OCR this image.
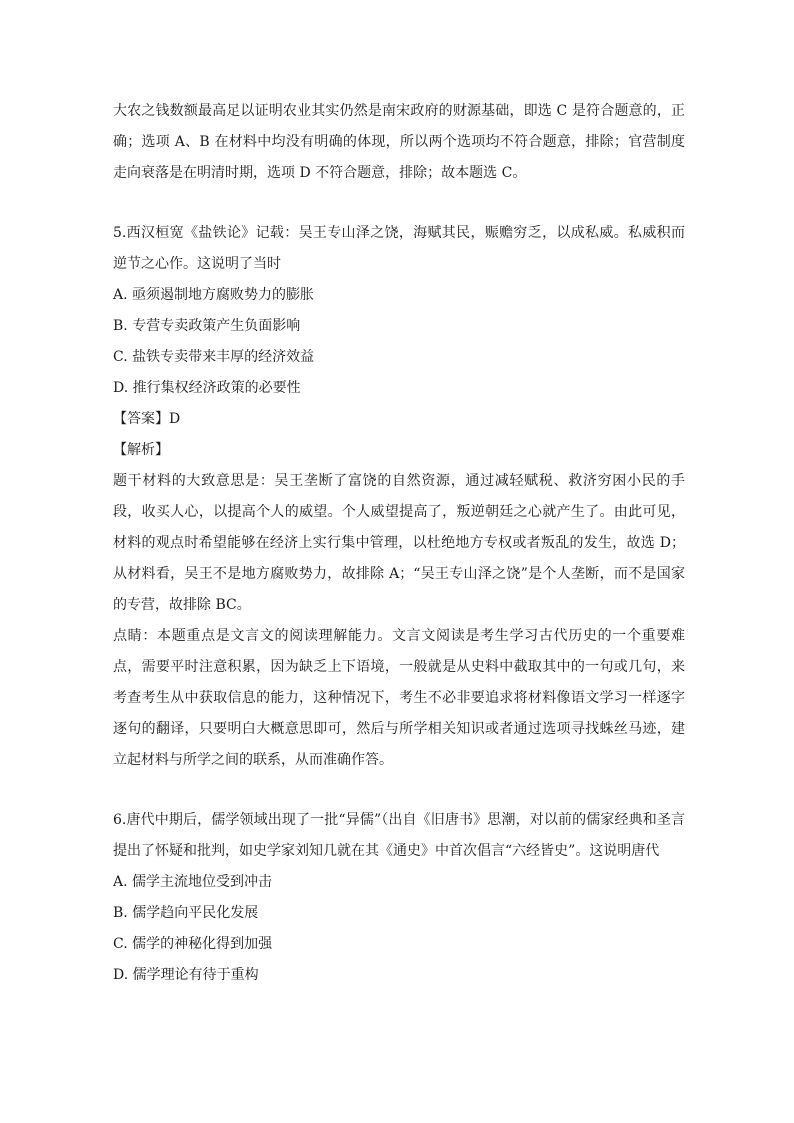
大农之钱数额最高足以证明农业其实仍然是南宋政府的财源基础，即选 C 是符合题意的，正确；选项 A、B 在材料中均没有明确的体现，所以两个选项均不符合题意，排除；官营制度走向衰落是在明清时期，选项 D 不符合题意，排除；故本题选 C。

5.西汉桓宽《盐铁论》记载：吴王专山泽之饶，海赋其民，赈赡穷乏，以成私威。私威积而逆节之心作。这说明了当时

A. 亟须遏制地方腐败势力的膨胀

B. 专营专卖政策产生负面影响

C. 盐铁专卖带来丰厚的经济效益

D. 推行集权经济政策的必要性

【答案】D

【解析】

题干材料的大致意思是：吴王垄断了富饶的自然资源，通过减轻赋税、救济穷困小民的手段，收买人心，以提高个人的威望。个人威望提高了，叛逆朝廷之心就产生了。由此可见，材料的观点时希望能够在经济上实行集中管理，以杜绝地方专权或者叛乱的发生，故选 D；从材料看，吴王不是地方腐败势力，故排除 A；“吴王专山泽之饶”是个人垄断，而不是国家的专营，故排除 BC。

点睛：本题重点是文言文的阅读理解能力。文言文阅读是考生学习古代历史的一个重要难点，需要平时注意积累，因为缺乏上下语境，一般就是从史料中截取其中的一句或几句，来考查考生从中获取信息的能力，这种情况下，考生不必非要追求将材料像语文学习一样逐字逐句的翻译，只要明白大概意思即可，然后与所学相关知识或者通过选项寻找蛛丝马迹，建立起材料与所学之间的联系，从而准确作答。

6.唐代中期后，儒学领域出现了一批“异儒”（出自《旧唐书》思潮，对以前的儒家经典和圣言提出了怀疑和批判，如史学家刘知几就在其《通史》中首次倡言“六经皆史”。这说明唐代

A. 儒学主流地位受到冲击

B. 儒学趋向平民化发展

C. 儒学的神秘化得到加强

D. 儒学理论有待于重构
